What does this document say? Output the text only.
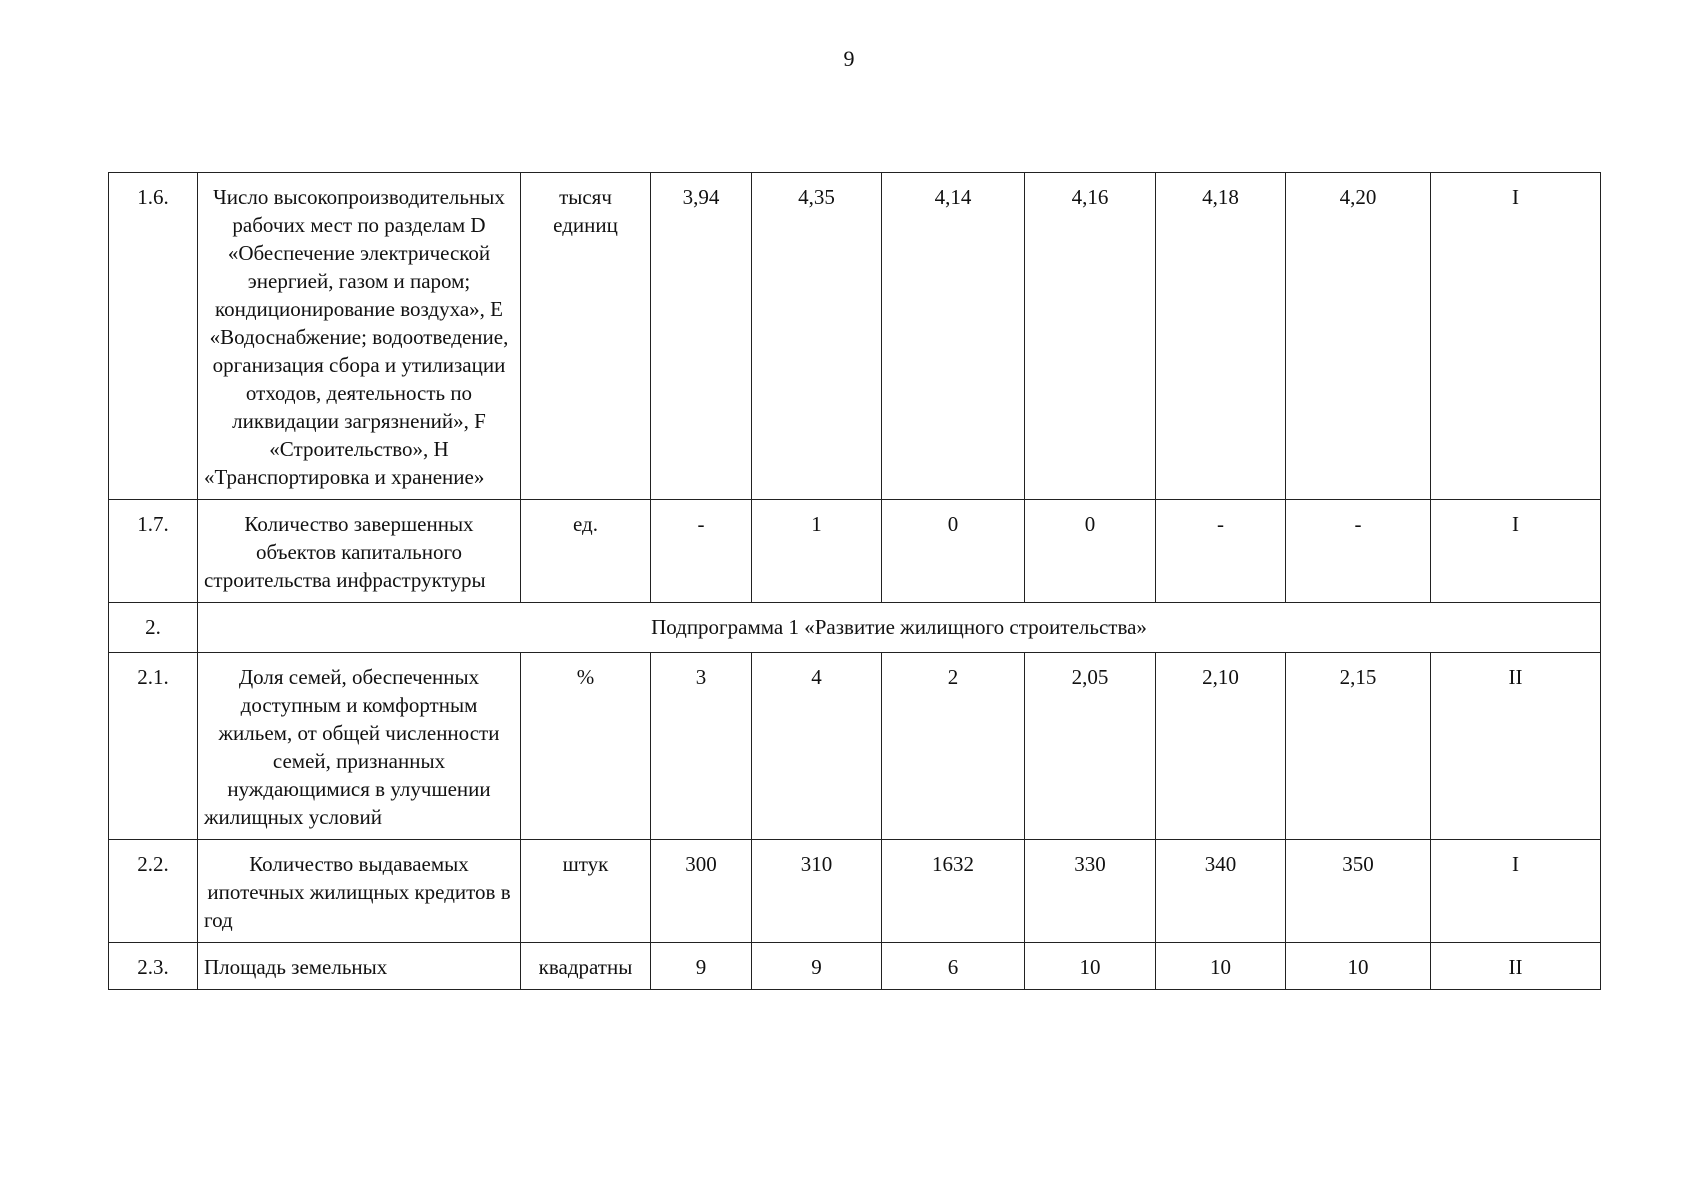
9
1.6.	Число высокопроизводительных рабочих мест по разделам D «Обеспечение электрической энергией, газом и паром; кондиционирование воздуха», E «Водоснабжение; водоотведение, организация сбора и утилизации отходов, деятельность по ликвидации загрязнений», F «Строительство», H «Транспортировка и хранение»	тысяч единиц	3,94	4,35	4,14	4,16	4,18	4,20	I
1.7.	Количество завершенных объектов капитального строительства инфраструктуры	ед.	-	1	0	0	-	-	I
2.	Подпрограмма 1 «Развитие жилищного строительства»								
2.1.	Доля семей, обеспеченных доступным и комфортным жильем, от общей численности семей, признанных нуждающимися в улучшении жилищных условий	%	3	4	2	2,05	2,10	2,15	II
2.2.	Количество выдаваемых ипотечных жилищных кредитов в год	штук	300	310	1632	330	340	350	I
2.3.	Площадь земельных	квадратны	9	9	6	10	10	10	II
